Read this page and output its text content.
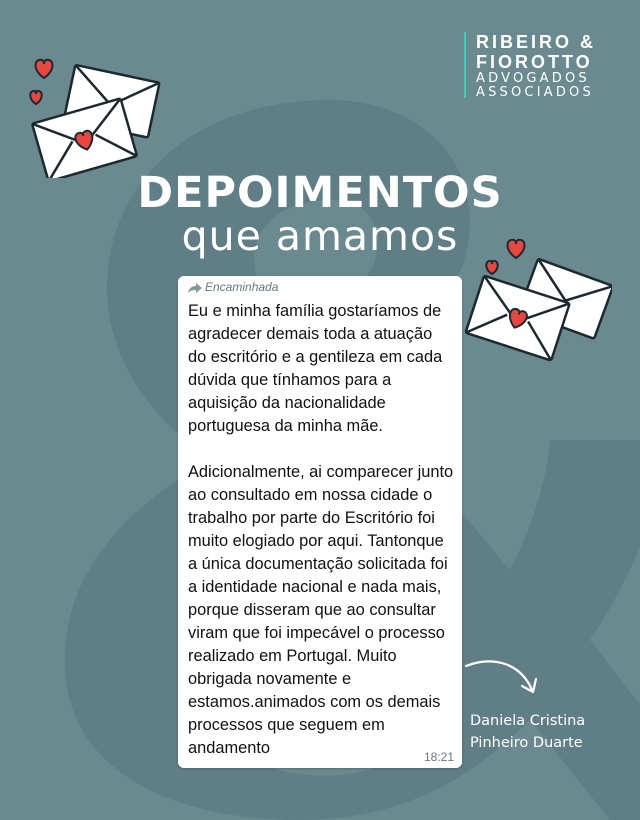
RIBEIRO &
FIOROTTO
ADVOGADOS
ASSOCIADOS
DEPOIMENTOS
que amamos
Encaminhada

Eu e minha família gostaríamos de agradecer demais toda a atuação do escritório e a gentileza em cada dúvida que tínhamos para a aquisição da nacionalidade portuguesa da minha mãe.

Adicionalmente, ai comparecer junto ao consultado em nossa cidade o trabalho por parte do Escritório foi muito elogiado por aqui. Tantonque a única documentação solicitada foi a identidade nacional e nada mais, porque disseram que ao consultar viram que foi impecável o processo realizado em Portugal. Muito obrigada novamente e estamos.animados com os demais processos que seguem em andamento	18:21
Daniela Cristina
Pinheiro Duarte
